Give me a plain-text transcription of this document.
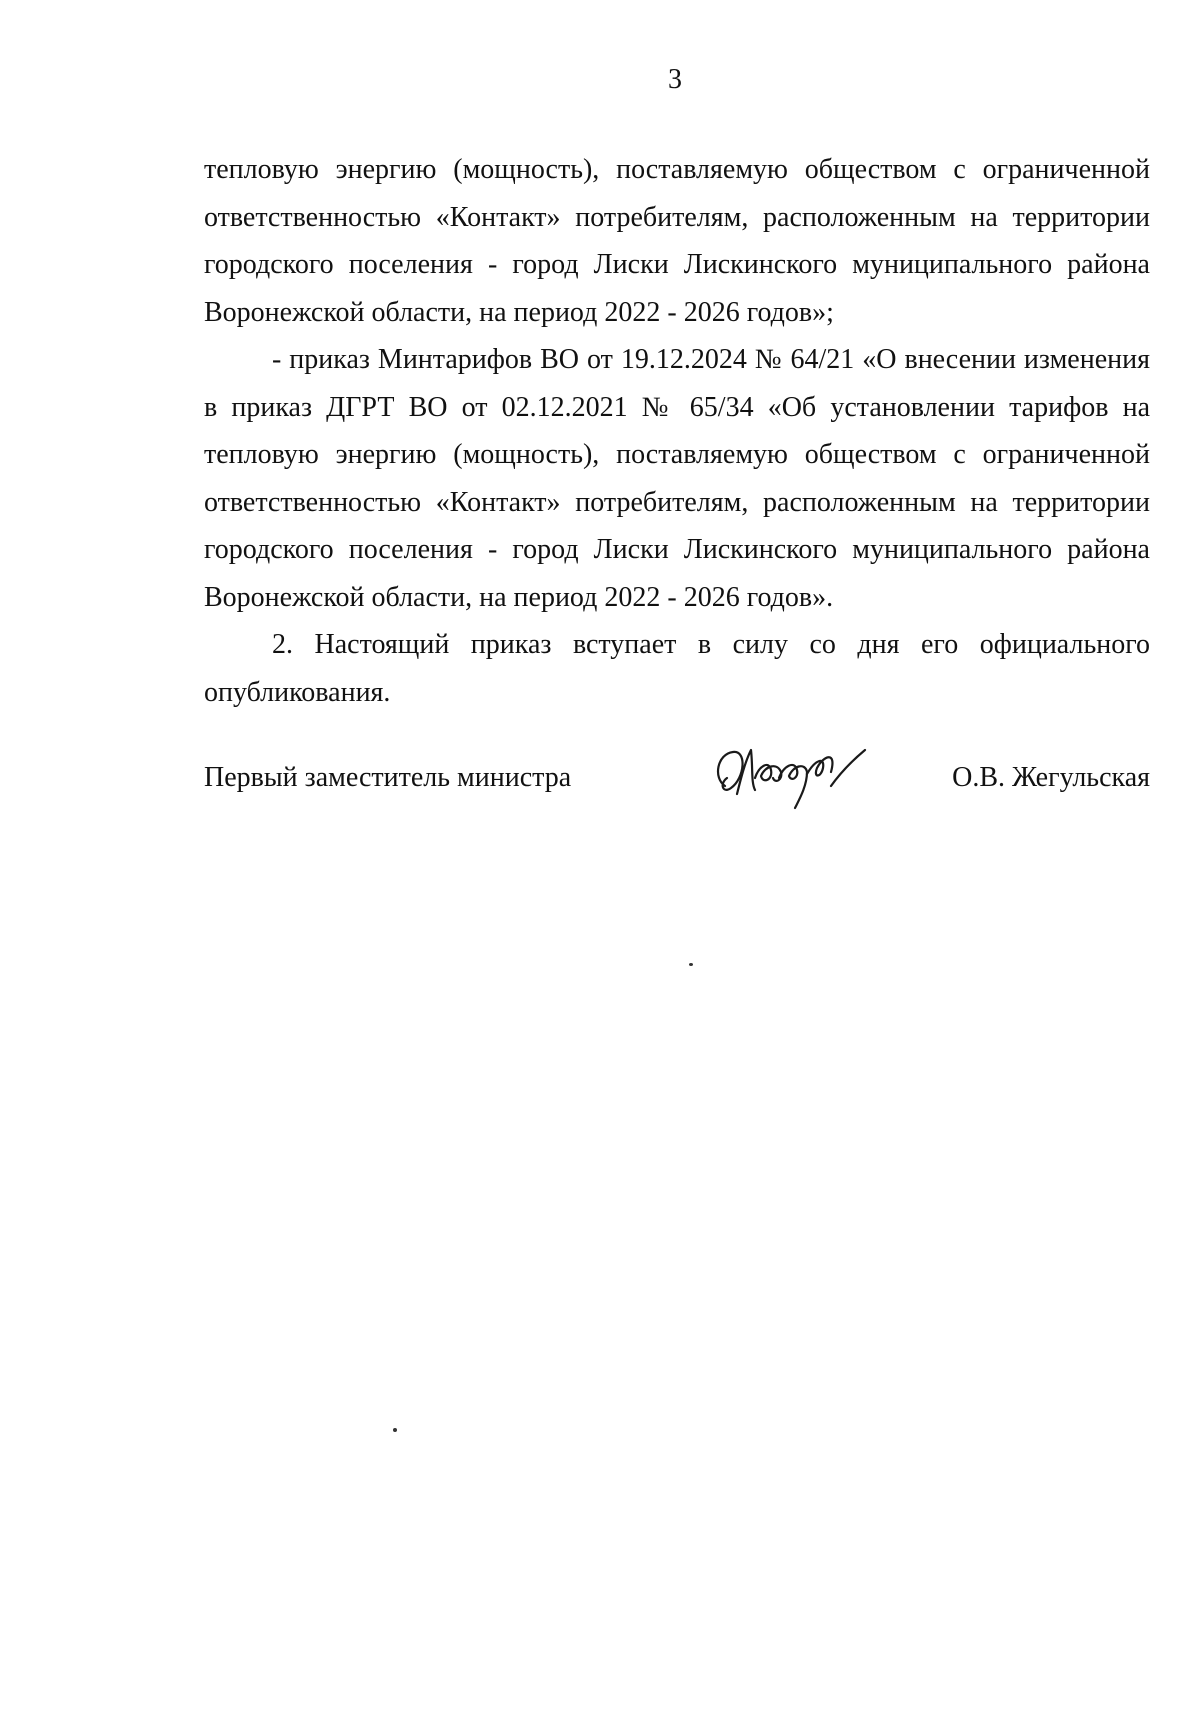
3

тепловую энергию (мощность), поставляемую обществом с ограниченной ответственностью «Контакт» потребителям, расположенным на территории городского поселения - город Лиски Лискинского муниципального района Воронежской области, на период 2022 - 2026 годов»;

- приказ Минтарифов ВО от 19.12.2024 № 64/21 «О внесении изменения в приказ ДГРТ ВО от 02.12.2021 № 65/34 «Об установлении тарифов на тепловую энергию (мощность), поставляемую обществом с ограниченной ответственностью «Контакт» потребителям, расположенным на территории городского поселения - город Лиски Лискинского муниципального района Воронежской области, на период 2022 - 2026 годов».

2. Настоящий приказ вступает в силу со дня его официального опубликования.

Первый заместитель министра	О.В. Жегульская
